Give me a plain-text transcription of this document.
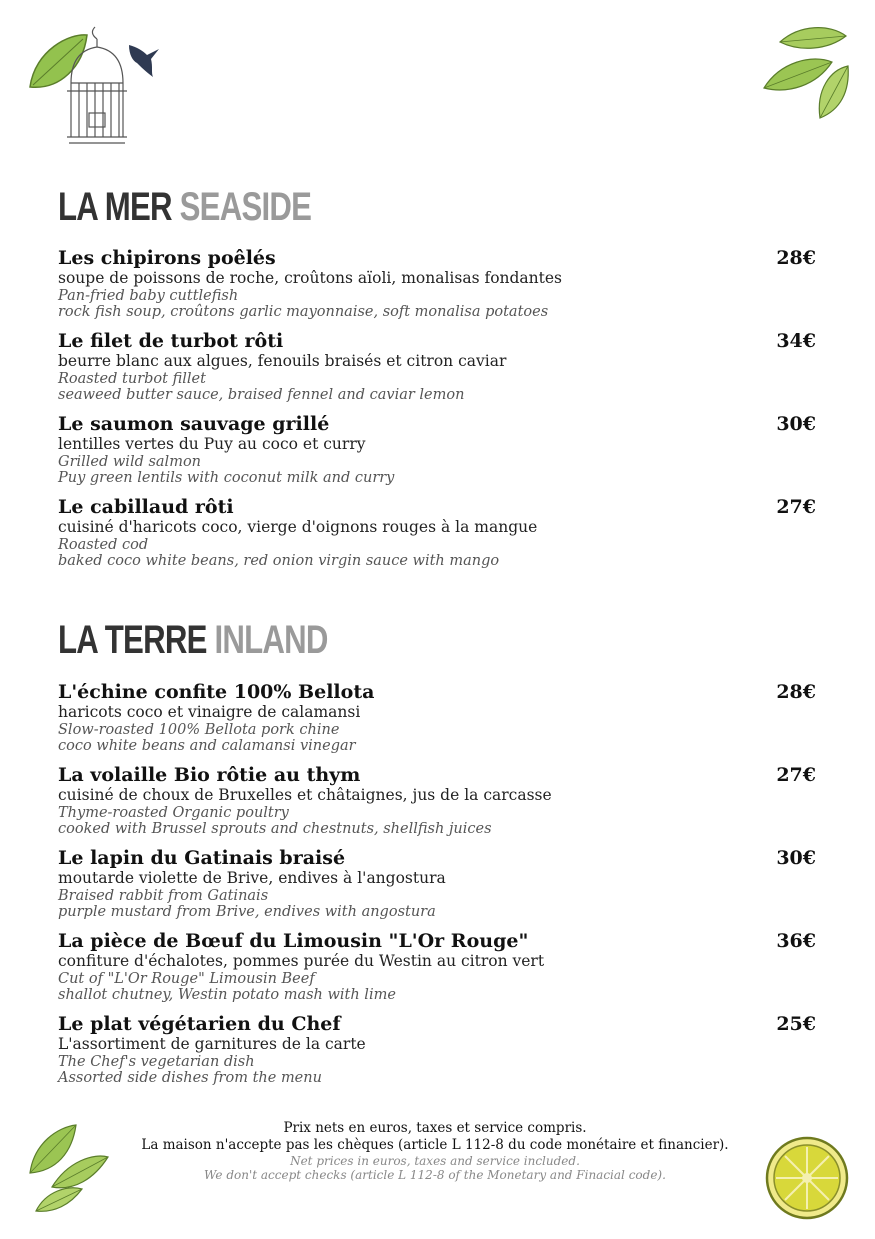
LA MER SEASIDE
Les chipirons poêlés	28€
soupe de poissons de roche, croûtons aïoli, monalisas fondantes
Pan-fried baby cuttlefish
rock fish soup, croûtons garlic mayonnaise, soft monalisa potatoes
Le filet de turbot rôti	34€
beurre blanc aux algues, fenouils braisés et citron caviar
Roasted turbot fillet
seaweed butter sauce, braised fennel and caviar lemon
Le saumon sauvage grillé	30€
lentilles vertes du Puy au coco et curry
Grilled wild salmon
Puy green lentils with coconut milk and curry
Le cabillaud rôti	27€
cuisiné d'haricots coco, vierge d'oignons rouges à la mangue
Roasted cod
baked coco white beans, red onion virgin sauce with mango
LA TERRE INLAND
L'échine confite 100% Bellota	28€
haricots coco et vinaigre de calamansi
Slow-roasted 100% Bellota pork chine
coco white beans and calamansi vinegar
La volaille Bio rôtie au thym	27€
cuisiné de choux de Bruxelles et châtaignes, jus de la carcasse
Thyme-roasted Organic poultry
cooked with Brussel sprouts and chestnuts, shellfish juices
Le lapin du Gatinais braisé	30€
moutarde violette de Brive, endives à l'angostura
Braised rabbit from Gatinais
purple mustard from Brive, endives with angostura
La pièce de Bœuf du Limousin "L'Or Rouge"	36€
confiture d'échalotes, pommes purée du Westin au citron vert
Cut of "L'Or Rouge" Limousin Beef
shallot chutney, Westin potato mash with lime
Le plat végétarien du Chef	25€
L'assortiment de garnitures de la carte
The Chef's vegetarian dish
Assorted side dishes from the menu
Prix nets en euros, taxes et service compris.
La maison n'accepte pas les chèques (article L 112-8 du code monétaire et financier).
Net prices in euros, taxes and service included.
We don't accept checks (article L 112-8 of the Monetary and Finacial code).
